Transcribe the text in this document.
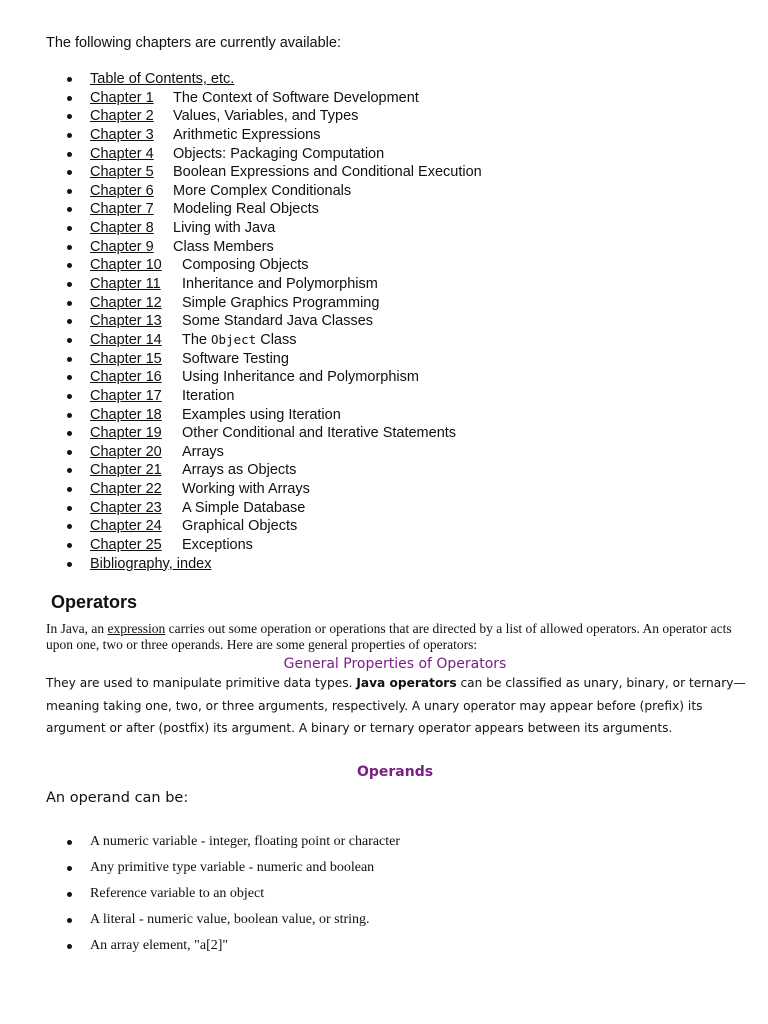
The following chapters are currently available:
Table of Contents, etc.
Chapter 1 The Context of Software Development
Chapter 2 Values, Variables, and Types
Chapter 3 Arithmetic Expressions
Chapter 4 Objects: Packaging Computation
Chapter 5 Boolean Expressions and Conditional Execution
Chapter 6 More Complex Conditionals
Chapter 7 Modeling Real Objects
Chapter 8 Living with Java
Chapter 9 Class Members
Chapter 10 Composing Objects
Chapter 11 Inheritance and Polymorphism
Chapter 12 Simple Graphics Programming
Chapter 13 Some Standard Java Classes
Chapter 14 The Object Class
Chapter 15 Software Testing
Chapter 16 Using Inheritance and Polymorphism
Chapter 17 Iteration
Chapter 18 Examples using Iteration
Chapter 19 Other Conditional and Iterative Statements
Chapter 20 Arrays
Chapter 21 Arrays as Objects
Chapter 22 Working with Arrays
Chapter 23 A Simple Database
Chapter 24 Graphical Objects
Chapter 25 Exceptions
Bibliography, index
Operators
In Java, an expression carries out some operation or operations that are directed by a list of allowed operators. An operator acts upon one, two or three operands. Here are some general properties of operators:
General Properties of Operators
They are used to manipulate primitive data types. Java operators can be classified as unary, binary, or ternary—meaning taking one, two, or three arguments, respectively. A unary operator may appear before (prefix) its argument or after (postfix) its argument. A binary or ternary operator appears between its arguments.
Operands
An operand can be:
A numeric variable - integer, floating point or character
Any primitive type variable - numeric and boolean
Reference variable to an object
A literal - numeric value, boolean value, or string.
An array element, "a[2]"
